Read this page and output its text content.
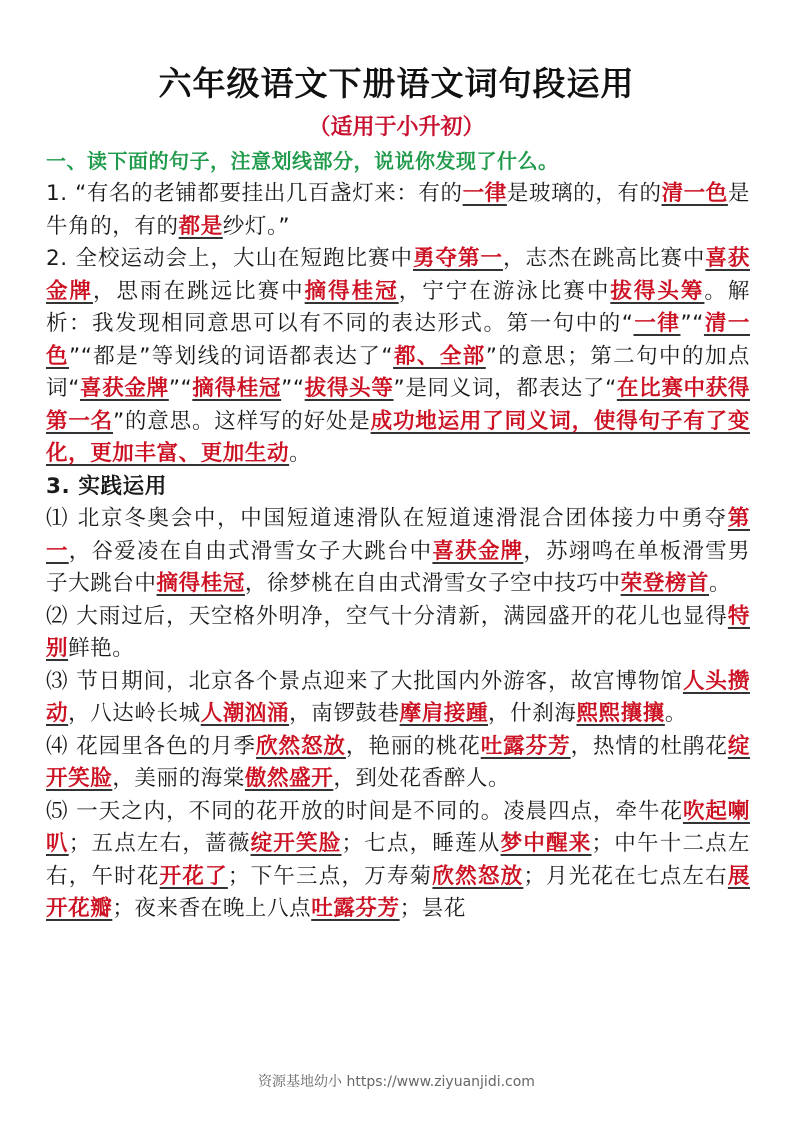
六年级语文下册语文词句段运用
（适用于小升初）
一、读下面的句子，注意划线部分，说说你发现了什么。

1. “有名的老铺都要挂出几百盏灯来：有的一律是玻璃的，有的清一色是牛角的，有的都是纱灯。”

2. 全校运动会上，大山在短跑比赛中勇夺第一，志杰在跳高比赛中喜获金牌，思雨在跳远比赛中摘得桂冠，宁宁在游泳比赛中拔得头筹。解析：我发现相同意思可以有不同的表达形式。第一句中的“一律”“清一色”“都是”等划线的词语都表达了“都、全部”的意思；第二句中的加点词“喜获金牌”“摘得桂冠”“拔得头等”是同义词，都表达了“在比赛中获得第一名”的意思。这样写的好处是成功地运用了同义词，使得句子有了变化，更加丰富、更加生动。

3. 实践运用

⑴ 北京冬奥会中，中国短道速滑队在短道速滑混合团体接力中勇夺第一，谷爱凌在自由式滑雪女子大跳台中喜获金牌，苏翊鸣在单板滑雪男子大跳台中摘得桂冠，徐梦桃在自由式滑雪女子空中技巧中荣登榜首。

⑵ 大雨过后，天空格外明净，空气十分清新，满园盛开的花儿也显得特别鲜艳。

⑶ 节日期间，北京各个景点迎来了大批国内外游客，故宫博物馆人头攒动，八达岭长城人潮汹涌，南锣鼓巷摩肩接踵，什刹海熙熙攘攘。

⑷ 花园里各色的月季欣然怒放，艳丽的桃花吐露芬芳，热情的杜鹃花绽开笑脸，美丽的海棠傲然盛开，到处花香醉人。

⑸ 一天之内，不同的花开放的时间是不同的。凌晨四点，牵牛花吹起喇叭；五点左右，蔷薇绽开笑脸；七点，睡莲从梦中醒来；中午十二点左右，午时花开花了；下午三点，万寿菊欣然怒放；月光花在七点左右展开花瓣；夜来香在晚上八点吐露芬芳；昙花

资源基地幼小 https://www.ziyuanjidi.com
